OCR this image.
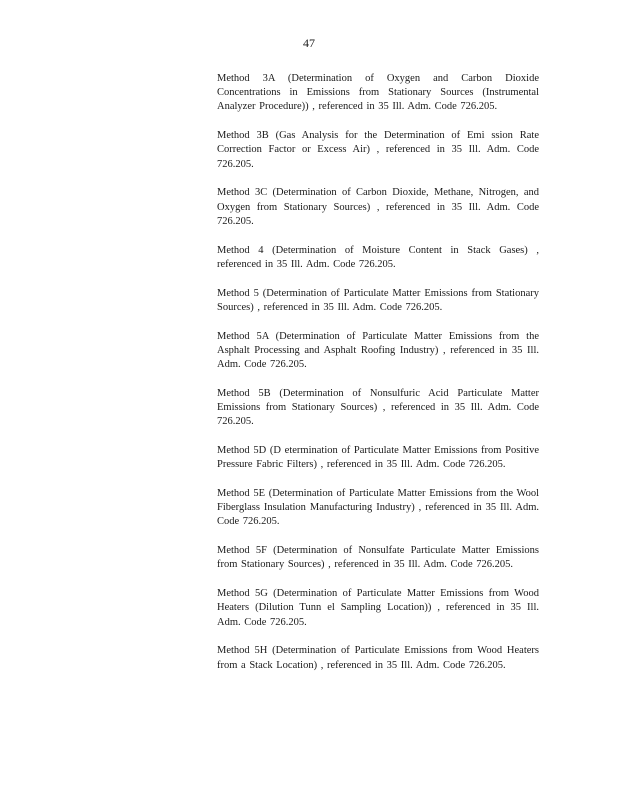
47
Method 3A (Determination of Oxygen and Carbon Dioxide Concentrations in Emissions from Stationary Sources (Instrumental Analyzer Procedure)) , referenced in 35 Ill. Adm. Code 726.205.
Method 3B (Gas Analysis for the Determination of Emi ssion Rate Correction Factor or Excess Air) , referenced in 35 Ill. Adm. Code 726.205.
Method 3C (Determination of Carbon Dioxide, Methane, Nitrogen, and Oxygen from Stationary Sources) , referenced in 35 Ill. Adm. Code 726.205.
Method 4 (Determination of Moisture Content in Stack Gases) , referenced in 35 Ill. Adm. Code 726.205.
Method 5 (Determination of Particulate Matter Emissions from Stationary Sources) , referenced in 35 Ill. Adm. Code 726.205.
Method 5A (Determination of Particulate Matter Emissions from the Asphalt Processing and Asphalt Roofing Industry) , referenced in 35 Ill. Adm. Code 726.205.
Method 5B (Determination of Nonsulfuric Acid Particulate Matter Emissions from Stationary Sources) , referenced in 35 Ill. Adm. Code 726.205.
Method 5D (D etermination of Particulate Matter Emissions from Positive Pressure Fabric Filters) , referenced in 35 Ill. Adm. Code 726.205.
Method 5E (Determination of Particulate Matter Emissions from the Wool Fiberglass Insulation Manufacturing Industry) , referenced in 35 Ill. Adm. Code 726.205.
Method 5F (Determination of Nonsulfate Particulate Matter Emissions from Stationary Sources) , referenced in 35 Ill. Adm. Code 726.205.
Method 5G (Determination of Particulate Matter Emissions from Wood Heaters (Dilution Tunn el Sampling Location)) , referenced in 35 Ill. Adm. Code 726.205.
Method 5H (Determination of Particulate Emissions from Wood Heaters from a Stack Location) , referenced in 35 Ill. Adm. Code 726.205.
